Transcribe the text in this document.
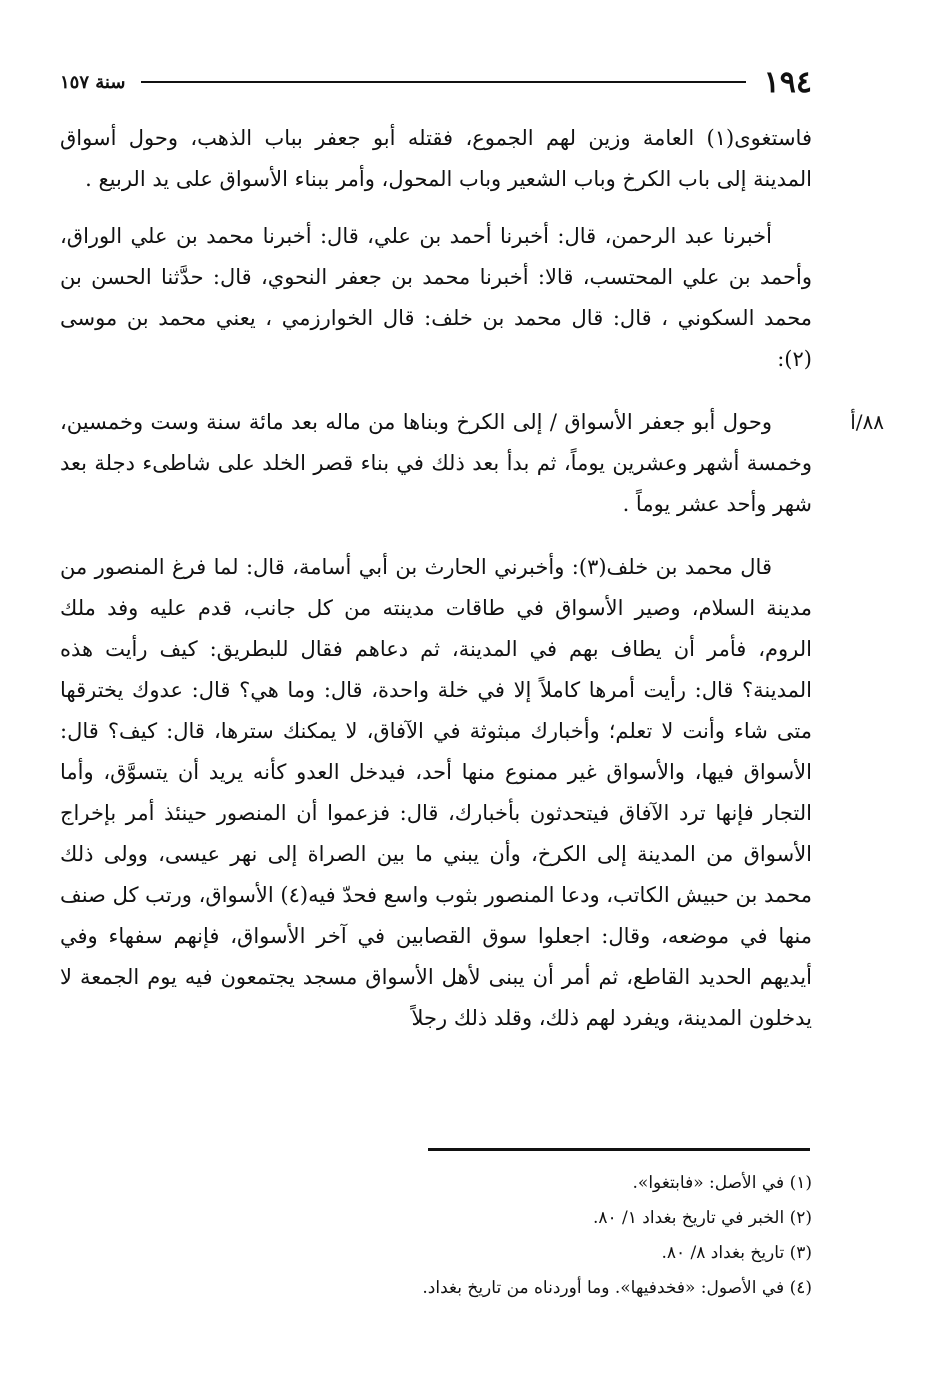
١٩٤
سنة ١٥٧

فاستغوى(١) العامة وزين لهم الجموع، فقتله أبو جعفر بباب الذهب، وحول أسواق المدينة إلى باب الكرخ وباب الشعير وباب المحول، وأمر ببناء الأسواق على يد الربيع .

أخبرنا عبد الرحمن، قال: أخبرنا أحمد بن علي، قال: أخبرنا محمد بن علي الوراق، وأحمد بن علي المحتسب، قالا: أخبرنا محمد بن جعفر النحوي، قال: حدَّثنا الحسن بن محمد السكوني ، قال: قال محمد بن خلف: قال الخوارزمي ، يعني محمد بن موسى (٢):

٨٨/أ

وحول أبو جعفر الأسواق / إلى الكرخ وبناها من ماله بعد مائة سنة وست وخمسين، وخمسة أشهر وعشرين يوماً، ثم بدأ بعد ذلك في بناء قصر الخلد على شاطىء دجلة بعد شهر وأحد عشر يوماً .

قال محمد بن خلف(٣): وأخبرني الحارث بن أبي أسامة، قال: لما فرغ المنصور من مدينة السلام، وصير الأسواق في طاقات مدينته من كل جانب، قدم عليه وفد ملك الروم، فأمر أن يطاف بهم في المدينة، ثم دعاهم فقال للبطريق: كيف رأيت هذه المدينة؟ قال: رأيت أمرها كاملاً إلا في خلة واحدة، قال: وما هي؟ قال: عدوك يخترقها متى شاء وأنت لا تعلم؛ وأخبارك مبثوثة في الآفاق، لا يمكنك سترها، قال: كيف؟ قال: الأسواق فيها، والأسواق غير ممنوع منها أحد، فيدخل العدو كأنه يريد أن يتسوَّق، وأما التجار فإنها ترد الآفاق فيتحدثون بأخبارك، قال: فزعموا أن المنصور حينئذ أمر بإخراج الأسواق من المدينة إلى الكرخ، وأن يبني ما بين الصراة إلى نهر عيسى، وولى ذلك محمد بن حبيش الكاتب، ودعا المنصور بثوب واسع فحدّ فيه(٤) الأسواق، ورتب كل صنف منها في موضعه، وقال: اجعلوا سوق القصابين في آخر الأسواق، فإنهم سفهاء وفي أيديهم الحديد القاطع، ثم أمر أن يبنى لأهل الأسواق مسجد يجتمعون فيه يوم الجمعة لا يدخلون المدينة، ويفرد لهم ذلك، وقلد ذلك رجلاً

(١) في الأصل: «فابتغوا».
(٢) الخبر في تاريخ بغداد ١/ ٨٠.
(٣) تاريخ بغداد ٨/ ٨٠.
(٤) في الأصول: «فخدفيها». وما أوردناه من تاريخ بغداد.
